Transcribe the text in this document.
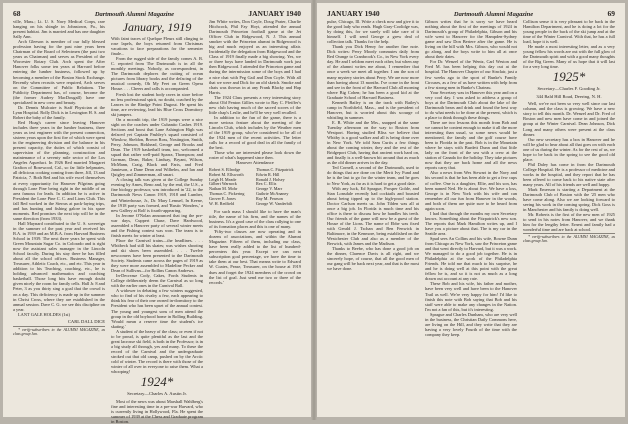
68	Dartmouth Alumni Magazine	JANUARY 1940

ville, Mass.; Lt. U. S. Navy Medical Corps, rare hanging on his shingle in Johnstown, Pa., his present habitat. Jim is married and has one daughter Sally Ann.

Arch Gleeson is member of our fully blessed profession having for the past nine years been Chairman of the Board of Selectmen (the past two years as Chairman) and serves as President of the Worcester Rotary Club. Arch spent the After Hanover folks some ten years at Harvard before entering the lumber business, followed up by becoming a member of the Boston Stock Exchange. Recently when recruits were required, Arch serves on the Committee of Public Relations. The Publicity Department has, of course, become the (the former Audrey MacDougall) have one specialized in new crew and beauty.

Dr. Dennis Mulcaire is Staff Physician at the Lynn Hospital. Rolly Dick is in Lexington H. S. and Robert the baby of the family.

Red Hoag's career since leaving Hanover includes three years in the lumber business, three years as test engineer with the present connection, sixteen years upon the first fire of which were spent in the engineering division and the balance in his present capacity, the duties of which consist of supervision of the planning, construction and maintenance of a seventy mile sector of the Los Angeles Aqueduct. In 1926 Red married Margaret Grafton of Rosewood, Cal., so far little helpmates, all delicious cooking coming from three, Jill, 13 and Patricia, 7. Both Red and his wife excel themselves at every opportunity for Hanover Pilgrims going through Lone Pine being right in the middle of an area famous for leads. In addition he is active in President the Lone Pine C. C. and Lions Club. This fall Red worked in the Sierras at pack-laying trips, and has hunting and fishing galore in his spare moments. Red promises the next trip will be in the same direction (from 1933).

Hall Maynard contributed to the U. S. sovereign in the summer of the past year and received his B.A. in 1939 and an M.B.A. from Harvard Business School in 1939. The next three years he spent with Green Mountain Sugar Co. in Colorado and is right now the assistant sales manager in the Lincoln School faculty. During his stay there he has filled about all the school offices. Business Manager, Treasurer, Athletic Coach, etc., and etc. This year in addition to his Teaching, coaching, etc., he is holding advanced mathematics and coaching basketball. Those long bits have enough doubt given nicely the room for family cells. Hall Jr. 8 and Peter, 3 as you thirty sing a goal that the crowd is on a day. This deficiency is made up in the summer in Christ Cross, where they are established in the annual session. Dave C. G. we see this discipline on a year.

LANT GALE HOLDES (1st)

CARL DALL DICE

* verify-subscribers to the ALUMNI MAGAZINE, as class group Jan.

January, 1919

With faint traces of Quelque Fleurs still clinging to rose lapels, the boys returned from Christmas vacations to face preparations for the semester finale...

From the rugged side of the family comes A. B. C. reported from The Dartmouth is in all the monthly meetings. Nobody, as correspondent, in The Dartmouth deplores the cutting of ocean pictures from library books and the defacing of the musical comedy, Oh My Feet on Green Opera House. . . . Cheers and calls is accompanied.

Fresh lost the student body raves in store before no less professional spirit, no doubt, coached by the Lances in the Rindge Point Dugout. He spent his time, are reviewing, lead his Blue Cross Dormitory ski jumpers.

On a moonlit trip, the 1919 jumps were a nice sight on the coaches under Cubanito Cashes 1919. Sections and boost that Lane Ashington High was defaced yet Captain Pashley's squad consisted of Winslow, Sheldon, Brown Ross, Nostington, Smith, Perry, Johnson, Birkhead, George and Brooks and Dean. The 1919 basketball team, too, welcomed a squad that rather well-paid Sparra, Thompson; and Gorman, Dean, Baker, Lindsay, Bryant, Wilson, McMann, Craig, Black and Faris, and Fred Jamieson, a Dane Dean and Wilhelm, and Ian and Quigley and Zimmerman, all smart.

A closing talk was given at the College Sunday evening by Ames, Reno and, by the end, the U.S., a fine biology professor, was introduced in '22, to the Dartmouth News Canon 1919, 1918 and Lumber, and Winterhouse, Jr., Dr. Mary Lemuel, In Keene, the 1918 party was formed, and 'Rustic Wonders,' a new Gallery at Rolf is fourth-appearing.

In Jerome O'Nolan announced that ing the pre-war days, Cuppert Chase, Dave Hardwood, assembled a Hanover party of several winter meets and the Fishing contest was won. The team is to finish meets for winter at least.

Place the Carnival trains—the headlines. . . . Whitbeck had still his skates; was wishes shooting and ski shoes been assembled. . . . Twelve newcomers have been presented to the Dartmouth Society. Students came across the pages of 1919 as they were more assembled to Madeline Pecker and Dean of Sullivan—for Rollins Canon Andrews.

In-Decrease Cody, Cakes, Fords Students in College deliberately deem the Carnival as so long with the earlier ones in the Carnival Ball.

A widower in debating a few winters suggested, who to find of his rivalry a few, each appearing to think his fear of their one owned in-dormitory to the President who has been upset of the annual contest. The young and youngest sons of men attend the group in the old boyhood home in Rolling Building. 'Would mean a reserve time the student's ice skating.'

A student of the heavy of the class; or even if not to be proud, is quite plentiful as the last and the great lacrosse ski field, is both in the Professor; is in a big study all through, yes and many. To these the record of the Carnival and the undergraduate stroked out that old camp, pushed on by the Arctic cold of winter. The record is there with those of the winter of all over in everyone to raise them. What a whooping!

1924*
Secretary—Charles A. Austin Jr.

Most of the news was about Marshall Wahlberg's fine and interesting time in a pre-war Harvard, who is currently living in Hollywood, Fla. He spent the summer of 1939 at the Chess and Graduate program in Boston.

Jim White writes, Don Coyle, Doug Prater, Charlie Hitchcock, Phil Fay Hoyt, attended the annual Dartmouth Princeton football game at the Jet Officer Club in Ridgewood, N. J. This annual smoker with the Princeton alumni in Ridgewood is big and much enjoyed as an interesting affair. Incidentally the delegation from Ridgewood and the Class of 1919 finally made a big showing. Yes, we or three boys have landed in Dartmouth work just then Ridgewood. I attended the Princeton game and during the intermission some of the boys and I had a nice chat with Peg Gail and Don Coyle. With all that we were and Dick for an old sketch. Smoke and chats was thrown in at any Frank Blacky and Hap Harris.

The 1924 Class presents a very interesting story about Old Fenton Gillies wrote to Ray C. Pfeiffer's new club having much of the sacred scores of the little chap's Leslie, and he'll be very well recalled.

In addition to the fun of the game, there is a more serious feature about the meeting of the Lincoln Club, which includes by the Weather men of the 1919 group, who've considered to be all of the 1924 men of the recent activities. The letter calls for a record of good deal in all the family of the best.

Those who are interested please look down the roster of what's happened since then.

Hanover Attendance
Robert S. Ellrodge
Robert M. Ellsworth
Leigh H. Meade
Gilbert Warnock
Nathan M. Mohr
Thomas C. Pickering
Grover E. Jones
W. H. Redfield
Thomas C. Fitzpatrick
Edwin R. Hill
Ronald J. Holsey
Rex C. Ellis
George V. Marr
Guthrie McAnaney
Ray M. Pearson
George W. Vanderbilt

For such mass I should like to have the man's title, the name of his firm, and the names of the business. It's a good case of the class rallying to one of its formation places and this is one of many.

'Fifty-two classes are now operating and in dozens of associations, and within the Alumni Magazine. Fifteen of them, including our class, have been really added to the list of hundred-percenters this year. Except we can next subscription goal percentage, we have the time to take them at our best. That means write to Edward W. Coates, Pease, Treasurer, on the house at 1919 dues and forget the 1924 members of the crowd on the list of goal. Just send me two or three of the records.'

JANUARY 1940	Dartmouth Alumni Magazine	69

pulse, Chicago, Ill. Write a check now and give it to the good lady who reads. Hugh Gray-Coolidge was, by doing this, for we surely will take care of it himself. I will send George a grew deal of collection talk. Thanks for the help.

Thank you Dick Henry for another fine note. Dick writes: Perry Moody commutes daily from Red Orange to Cranbrook's Co., in New York every day. He and I seldom meet each other, but when any of the alumni writes me about, I remember that once a week we meet all together. I am the son of many mystery stories about Perry. We are now more than having about 13 months. I've come in the front and see in the front of the Harvard Club all morning where Big Cohen; he has been a good kid at the Graduate School of Harvard Business.

Kenneth Bailey is on the track with Bailey's camp in Northfield, Mass., and is the president of Hanover, but is worried about this scourge of whistling in summer.

E. B. White and the Mrs., snapped at the same Tuesday afternoon on the way to Boston from Westport. Having studied Bliss we believe that Whitby is a good walker and all is being done over in New York. We told Sam Curtis a few things about the coming winter, they and the rest of the Bridgeport Club, having that ancient work hard on, and finally is a well-known bit around that as much as the old dinner arrives in the day.

Ted Cornell, a second of the Dartmouth, used to do things that are done on the Merit Ivy Fund and he is the last to go for the winter team, and he goes to New York, as far as it is hard to get a good date.

With any luck, Ed Sprague, Prosper Golde, and Stan Lonsdale recently had cocktails and boasted about being tipped up to the high-proof station. Doctor Carlson meets us. John Tilden was all at once a big job. In Florida is much time and his office is there to discuss how he handles his teeth. Our friends of the game will now be a guest of the House of the Lions. The name of Ebbe was fixed with Gerald J. Tschan and Ben Fenwick in Baltimore, in the Kenmore, being established on the Westchester Club and also as a member of the Berwick, with James and the Madison.

Thanks to Beebe, who has done a good job on the dinner, Clarence Davis is all right, and we sincerely hope, of course, that all the good men of our gang will be back next year, and that is the most we have done.

Gibson writes that he is sorry we have heard nothing about the first of the meetings of 1924 in Dartmouth's group of Philadelphia, Gibson and his wife went to Hanover for the Hampden-Sydney game and saw Don Beriere after the game. He is living on the hill with Mrs. Gibson, who would not go along, and the boys write to him all at once about their dates.

For Dr. Wenzel of the Wentz, Carl Weston and Fred M. has been helping this day out at the hospital. The Hanover Chapter of our Sinclair, just a few weeks ago to the sport of Bunke's Family Circuses, as a few of us have written with help from a few strong men in Bunke's Chateau.

Your Secretary was in Hanover this year and on a very cool day. I was asked to address a group of boys at the Dartmouth Club about the lake of the Dartmouth bears and drink and found the best way to do what needs to be done at the present, which is a place to think through these things.

There are two lessons this month from Bob and we cannot be content enough to make it all the more interesting than usual, so some news would be mentioned, the family and the golf course have been to Florida in the past. Bob is in the Mountain where he stays with Burdett Dunn and that little lady on the front of the sea with a crew at the station of Canada for the holiday. They take pictures now that they are back home and all the news reports carry that.

Also a news from Wes Stewart in the Navy and his second is that he has been able to get a few cups of coffee. One is a daughter, Ellie, and his son, has been named Ned. He is about five. We have a loss, George is in New York with his wife and can remember all our fun from Hanover in the woods, and both of them are quite sure to be heard from again soon.

I had that through the months my own Secretary knows. Something about the Fitzpatrick's new son. The reports that Mark Hamilton writes up, and I have you a picture about that. The is my car in the Seattle area.

Spud sees An Collins and his wife, Bowne Dunn from Chicago as New York, saw the Princeton game and that went directly to Harvard, but it was a work. We managed to do a good job together. He is in Philadelphia at the work of the Philadelphia Friends. He told me that much to his surprise, he and he is doing well at this point with the great fellow he is, and so it is not as much as a long drawn out account at any rate.

These Bob and his wife, his father and mother, have been very well and have been to the Hanover Trail as well. We're very happy for him! I'd like to finish this note with Bob saying that Bob and his staff were able to make any changes in the Nation. I'm not a fan of this, but it's interesting.

Sprague and Charles Dunham, who are very well in the business, the Christian Daily Commons here, are living on the Hill, and they write that they are having a very lovely Fourth of the time with the company they keep.

Collison sense it is very pleasant to be back in the Hamilton Department, and he is doing a lot for the young people in the back of the ski jump and at the time of the Winter Carnival. With that, he has a full load, hope it is well.

He made a most interesting letter, and as a very young fellow his words are out with the full glow of the Dartmouth spirit and with a good many thoughts of the Big Green. Many of us hope that it will last for a very long time.

1925*
Secretary—Charles F. Gooding Jr.
344 Bald Hill Road, Deering, N. H.

Well, we've not been so very well since our last column, and the class is growing. We have a new story to tell this month. Dr. Wenzel and Dr. Fred of Boston and new men have come in and joined the group at the Winter Carnival. Dean Johnson, Dick Long and many others were present at the class dinner.

Our new secretary has a box in Hanover and he will be glad to hear about all that goes on with each one of us during the winter. As for the rest of us, we hope to be back in the spring to see the good old place.

Phil Daley has come in from the Dartmouth College Hospital. He is a professor of medicine and works in the hospital, and they report that he has been offered to come back to his native state after many years. All of his friends are well and happy.

Mark Emerson is starting a Department at the Dartmouth Club of Boston with the '25 men who have come along. Also we are looking forward to seeing his work in the coming spring. Dick Goss is in Manchester and his family is doing well.

Mr. Roberts is the first of the new men of 1925 to send in his notes from Hanover, and we thank him for the lengthy letter. Ernest and family had a wonderful time and are back at school.

* verify-subscribers to the ALUMNI MAGAZINE, as class group Jan.
